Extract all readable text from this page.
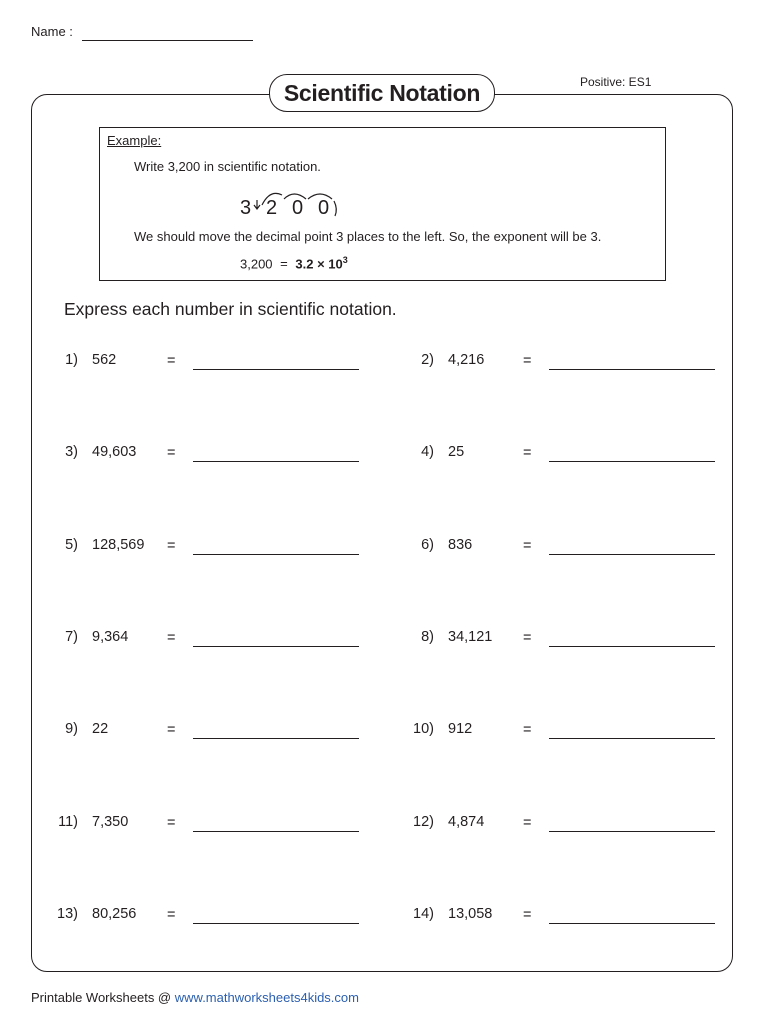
Name :
Scientific Notation	Positive: ES1
Example:
Write 3,200 in scientific notation.
3 2 0 0
We should move the decimal point 3 places to the left. So, the exponent will be 3.
$3,200 = 3.2 \times 10^3$
Express each number in scientific notation.
1) 562	=	2) 4,216	=
3) 49,603 =	4) 25	=
5) 128,569 =	6) 836	=
7) 9,364	=	8) 34,121 =
9) 22	=	10) 912	=
11) 7,350	=	12) 4,874	=
13) 80,256 =	14) 13,058 =
Printable Worksheets @ www.mathworksheets4kids.com
